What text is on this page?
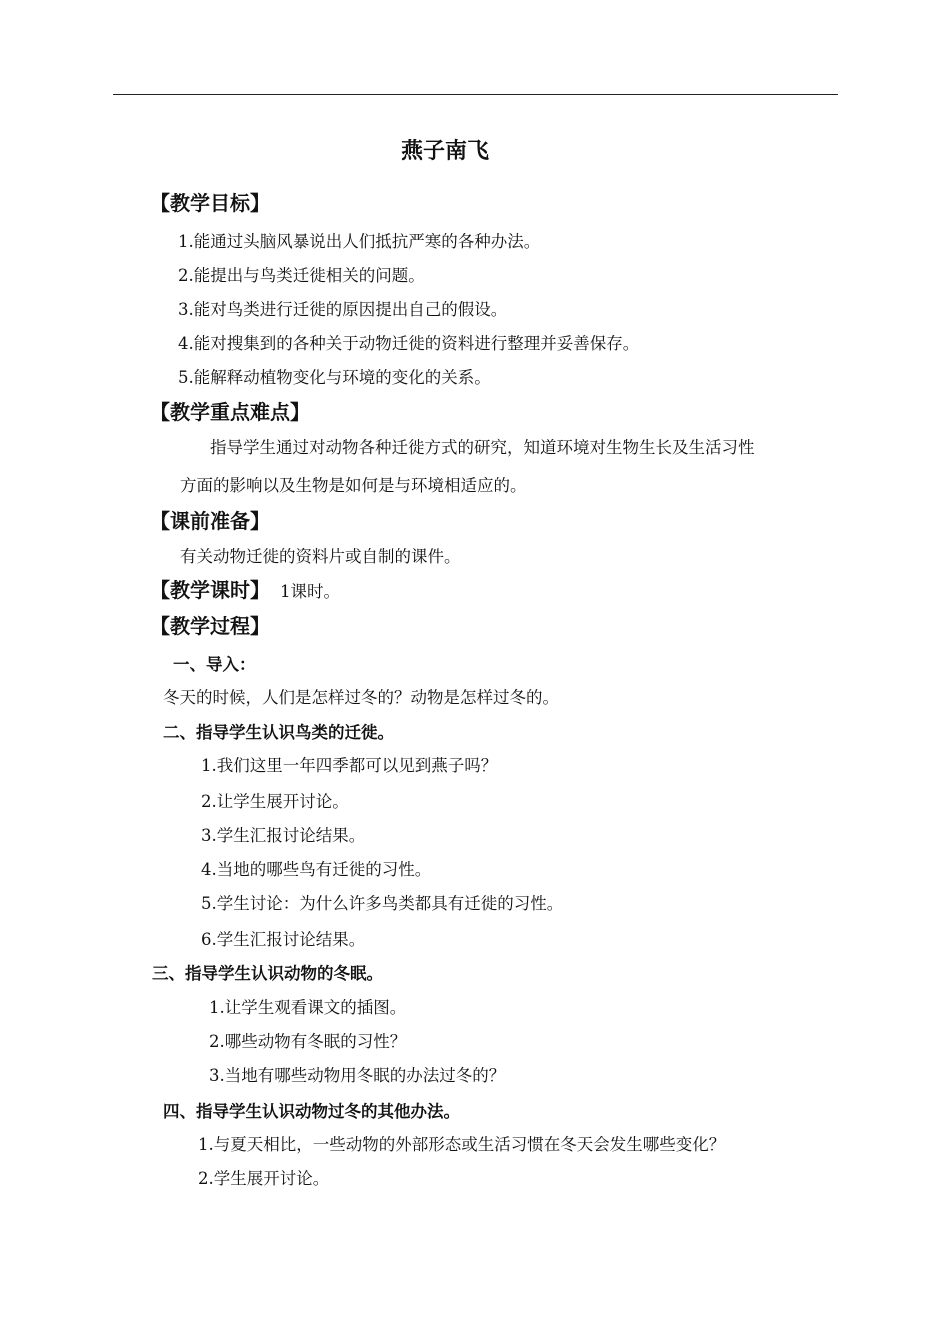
燕子南飞
【教学目标】
1.能通过头脑风暴说出人们抵抗严寒的各种办法。
2.能提出与鸟类迁徙相关的问题。
3.能对鸟类进行迁徙的原因提出自己的假设。
4.能对搜集到的各种关于动物迁徙的资料进行整理并妥善保存。
5.能解释动植物变化与环境的变化的关系。
【教学重点难点】
指导学生通过对动物各种迁徙方式的研究，知道环境对生物生长及生活习性
方面的影响以及生物是如何是与环境相适应的。
【课前准备】
有关动物迁徙的资料片或自制的课件。
【教学课时】 1课时。
【教学过程】
一、导入：
冬天的时候，人们是怎样过冬的？动物是怎样过冬的。
二、指导学生认识鸟类的迁徙。
1.我们这里一年四季都可以见到燕子吗？
2.让学生展开讨论。
3.学生汇报讨论结果。
4.当地的哪些鸟有迁徙的习性。
5.学生讨论：为什么许多鸟类都具有迁徙的习性。
6.学生汇报讨论结果。
三、指导学生认识动物的冬眠。
1.让学生观看课文的插图。
2.哪些动物有冬眠的习性？
3.当地有哪些动物用冬眠的办法过冬的？
四、指导学生认识动物过冬的其他办法。
1.与夏天相比，一些动物的外部形态或生活习惯在冬天会发生哪些变化？
2.学生展开讨论。
